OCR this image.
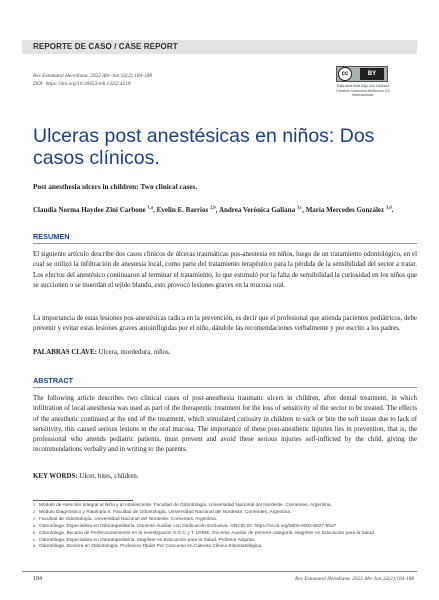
REPORTE DE CASO / CASE REPORT
Rev Estomatol Herediana. 2022 Abr-Jun;32(2):184-188
DOI: https://doi.org/10.20453/reh.v32i2.4219
cc	BY
Este obra está bajo una Licencia Creative Commons Atribución 4.0 Internacional.
Ulceras post anestésicas en niños: Dos casos clínicos.
Post anesthesia ulcers in children: Two clinical cases.
Claudia Norma Haydee Zini Carbone $^{1,a}$, Evelin E. Barrios $^{2,b}$, Andrea Verónica Galiana $^{3,c}$, María Mercedes González $^{3,d}$.
RESUMEN

El siguiente artículo describe dos casos clínicos de úlceras traumáticas pos-anestesia en niños, luego de un tratamiento odontológico, en el cual se utilizó la infiltración de anestesia local, como parte del tratamiento terapéutico para la pérdida de la sensibilidad del sector a tratar. Los efectos del anestésico continuaron al terminar el tratamiento, lo que estimuló por la falta de sensibilidad la curiosidad en los niños que se succionen o se muerdan el tejido blando, esto provocó lesiones graves en la mucosa oral.

La importancia de estas lesiones pos-anestésicas radica en la prevención, es decir que el profesional que atienda pacientes pediátricos, debe prevenir y evitar estas lesiones graves autoinfligidas por el niño, dándole las recomendaciones verbalmente y por escrito a los padres.

PALABRAS CLAVE: Ulcera, mordedura, niños.
ABSTRACT

The following article describes two clinical cases of post-anesthesia traumatic ulcers in children, after dental treatment, in which infiltration of local anesthesia was used as part of the therapeutic treatment for the loss of sensitivity of the sector to be treated. The effects of the anesthetic continued at the end of the treatment, which stimulated curiosity in children to suck or bite the soft tissue due to lack of sensitivity, this caused serious lesions in the oral mucosa. The importance of these post-anesthetic injuries lies in prevention, that is, the professional who attends pediatric patients, must prevent and avoid these serious injuries self-inflicted by the child, giving the recommendations verbally and in writing to the parents.

KEY WORDS: Ulcer, bites, children.
1 Módulo de Atención Integral al Niño y al Adolescente. Facultad de Odontología, Universidad Nacional del Nordeste. Corrientes, Argentina.
2 Módulo Diagnóstico y Patología II. Facultad de Odontología, Universidad Nacional del Nordeste. Corrientes, Argentina.
3 Facultad de Odontología, Universidad Nacional del Nordeste. Corrientes, Argentina.
a Odontóloga. Especialista en Odontopediatría. Docente Auxiliar con Dedicación Exclusiva. ORCID ID: https://orcid.org/0000-0002-8027-5527
b Odontóloga, Becaria de Perfeccionamiento en la Investigación S.G.C y T. UNNE. Docente Auxiliar de primera categoría. Magíster en Educación para la Salud.
c Odontóloga. Especialista en Odontopediatría. Magíster en Educación para la Salud. Profesor Adjunta.
d Odontóloga. Doctora en Odontología. Profesora Titular Por Concurso en Cátedra Clínica Estomatológica.
184	Rev Estomatol Herediana. 2022 Abr-Jun;32(2):184-188
